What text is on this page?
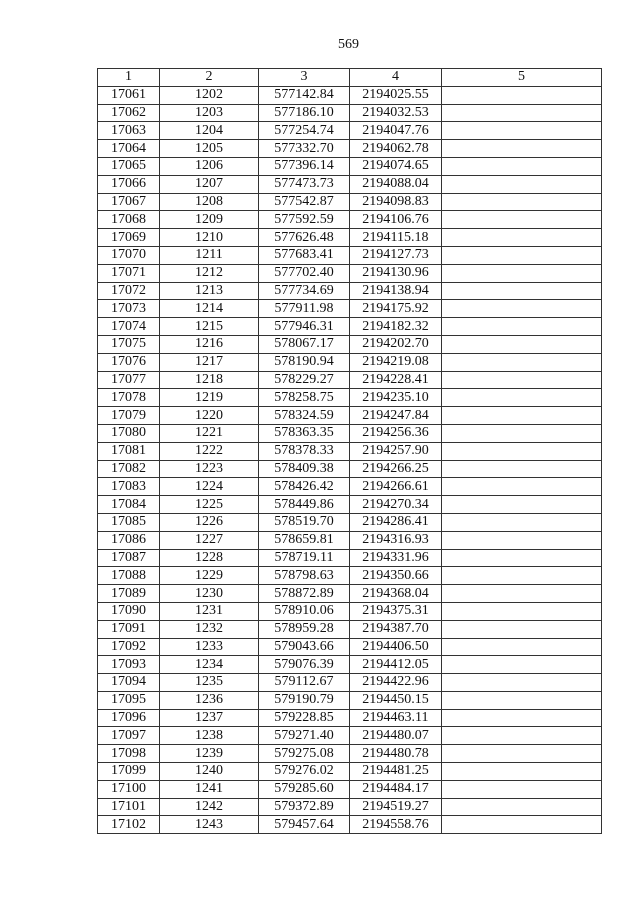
569
1	2	3	4	5
17061	1202	577142.84	2194025.55	
17062	1203	577186.10	2194032.53	
17063	1204	577254.74	2194047.76	
17064	1205	577332.70	2194062.78	
17065	1206	577396.14	2194074.65	
17066	1207	577473.73	2194088.04	
17067	1208	577542.87	2194098.83	
17068	1209	577592.59	2194106.76	
17069	1210	577626.48	2194115.18	
17070	1211	577683.41	2194127.73	
17071	1212	577702.40	2194130.96	
17072	1213	577734.69	2194138.94	
17073	1214	577911.98	2194175.92	
17074	1215	577946.31	2194182.32	
17075	1216	578067.17	2194202.70	
17076	1217	578190.94	2194219.08	
17077	1218	578229.27	2194228.41	
17078	1219	578258.75	2194235.10	
17079	1220	578324.59	2194247.84	
17080	1221	578363.35	2194256.36	
17081	1222	578378.33	2194257.90	
17082	1223	578409.38	2194266.25	
17083	1224	578426.42	2194266.61	
17084	1225	578449.86	2194270.34	
17085	1226	578519.70	2194286.41	
17086	1227	578659.81	2194316.93	
17087	1228	578719.11	2194331.96	
17088	1229	578798.63	2194350.66	
17089	1230	578872.89	2194368.04	
17090	1231	578910.06	2194375.31	
17091	1232	578959.28	2194387.70	
17092	1233	579043.66	2194406.50	
17093	1234	579076.39	2194412.05	
17094	1235	579112.67	2194422.96	
17095	1236	579190.79	2194450.15	
17096	1237	579228.85	2194463.11	
17097	1238	579271.40	2194480.07	
17098	1239	579275.08	2194480.78	
17099	1240	579276.02	2194481.25	
17100	1241	579285.60	2194484.17	
17101	1242	579372.89	2194519.27	
17102	1243	579457.64	2194558.76	
